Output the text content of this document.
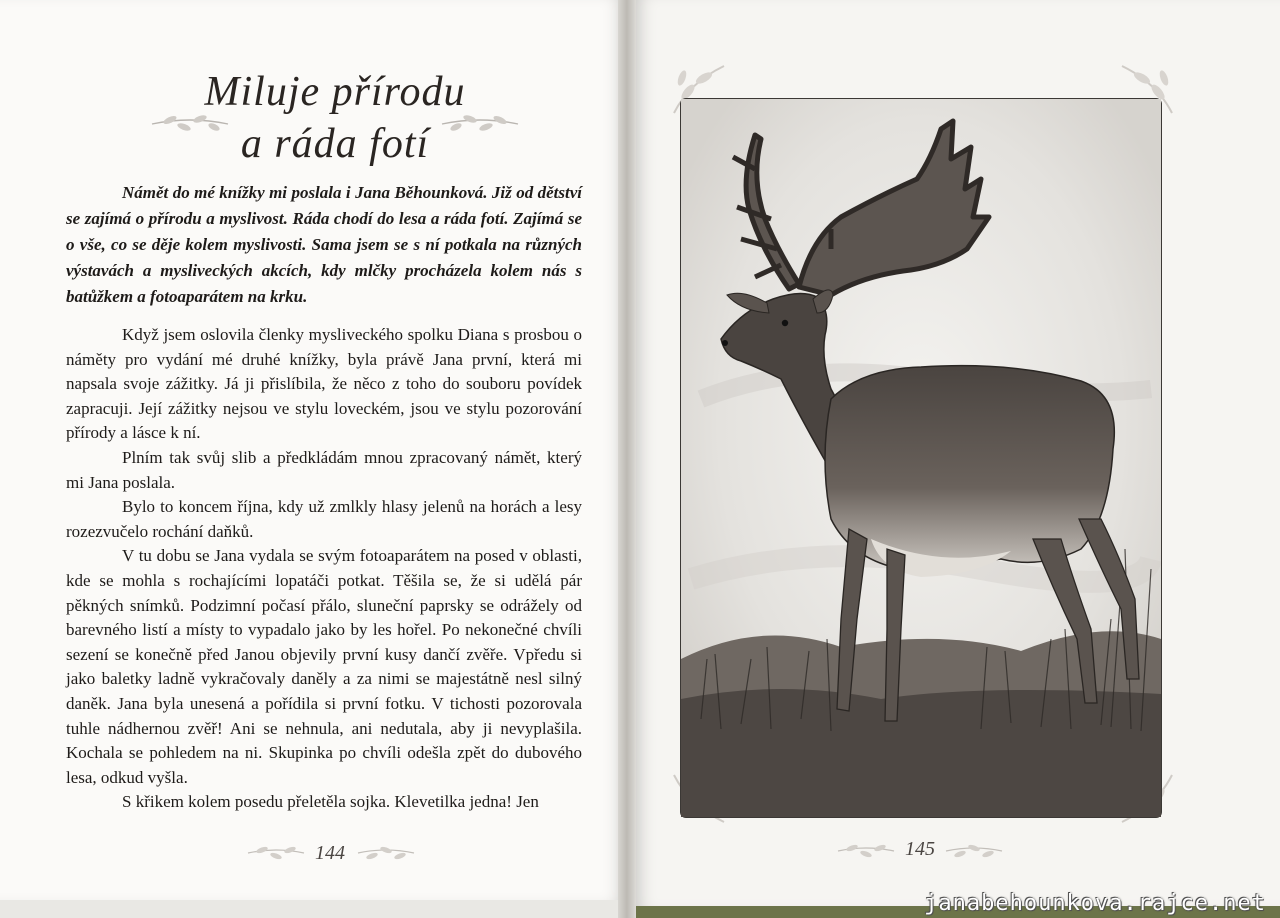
Miluje přírodu
a ráda fotí
Námět do mé knížky mi poslala i Jana Běhounková. Již od dětství se zajímá o přírodu a myslivost. Ráda chodí do lesa a ráda fotí. Zajímá se o vše, co se děje kolem myslivosti. Sama jsem se s ní potkala na různých výstavách a mysliveckých akcích, kdy mlčky procházela kolem nás s batůžkem a fotoaparátem na krku.

Když jsem oslovila členky mysliveckého spolku Diana s prosbou o náměty pro vydání mé druhé knížky, byla právě Jana první, která mi napsala svoje zážitky. Já ji přislíbila, že něco z toho do souboru povídek zapracuji. Její zážitky nejsou ve stylu loveckém, jsou ve stylu pozorování přírody a lásce k ní.

Plním tak svůj slib a předkládám mnou zpracovaný námět, který mi Jana poslala.

Bylo to koncem října, kdy už zmlkly hlasy jelenů na horách a lesy rozezvučelo rochání daňků.

V tu dobu se Jana vydala se svým fotoaparátem na posed v oblasti, kde se mohla s rochajícími lopatáči potkat. Těšila se, že si udělá pár pěkných snímků. Podzimní počasí přálo, sluneční paprsky se odrážely od barevného listí a místy to vypadalo jako by les hořel. Po nekonečné chvíli sezení se konečně před Janou objevily první kusy dančí zvěře. Vpředu si jako baletky ladně vykračovaly daněly a za nimi se majestátně nesl silný daněk. Jana byla unesená a pořídila si první fotku. V tichosti pozorovala tuhle nádhernou zvěř! Ani se nehnula, ani nedutala, aby ji nevyplašila. Kochala se pohledem na ni. Skupinka po chvíli odešla zpět do dubového lesa, odkud vyšla.

S křikem kolem posedu přeletěla sojka. Klevetilka jedna! Jen

144	145
janabehounkova.rajce.net
